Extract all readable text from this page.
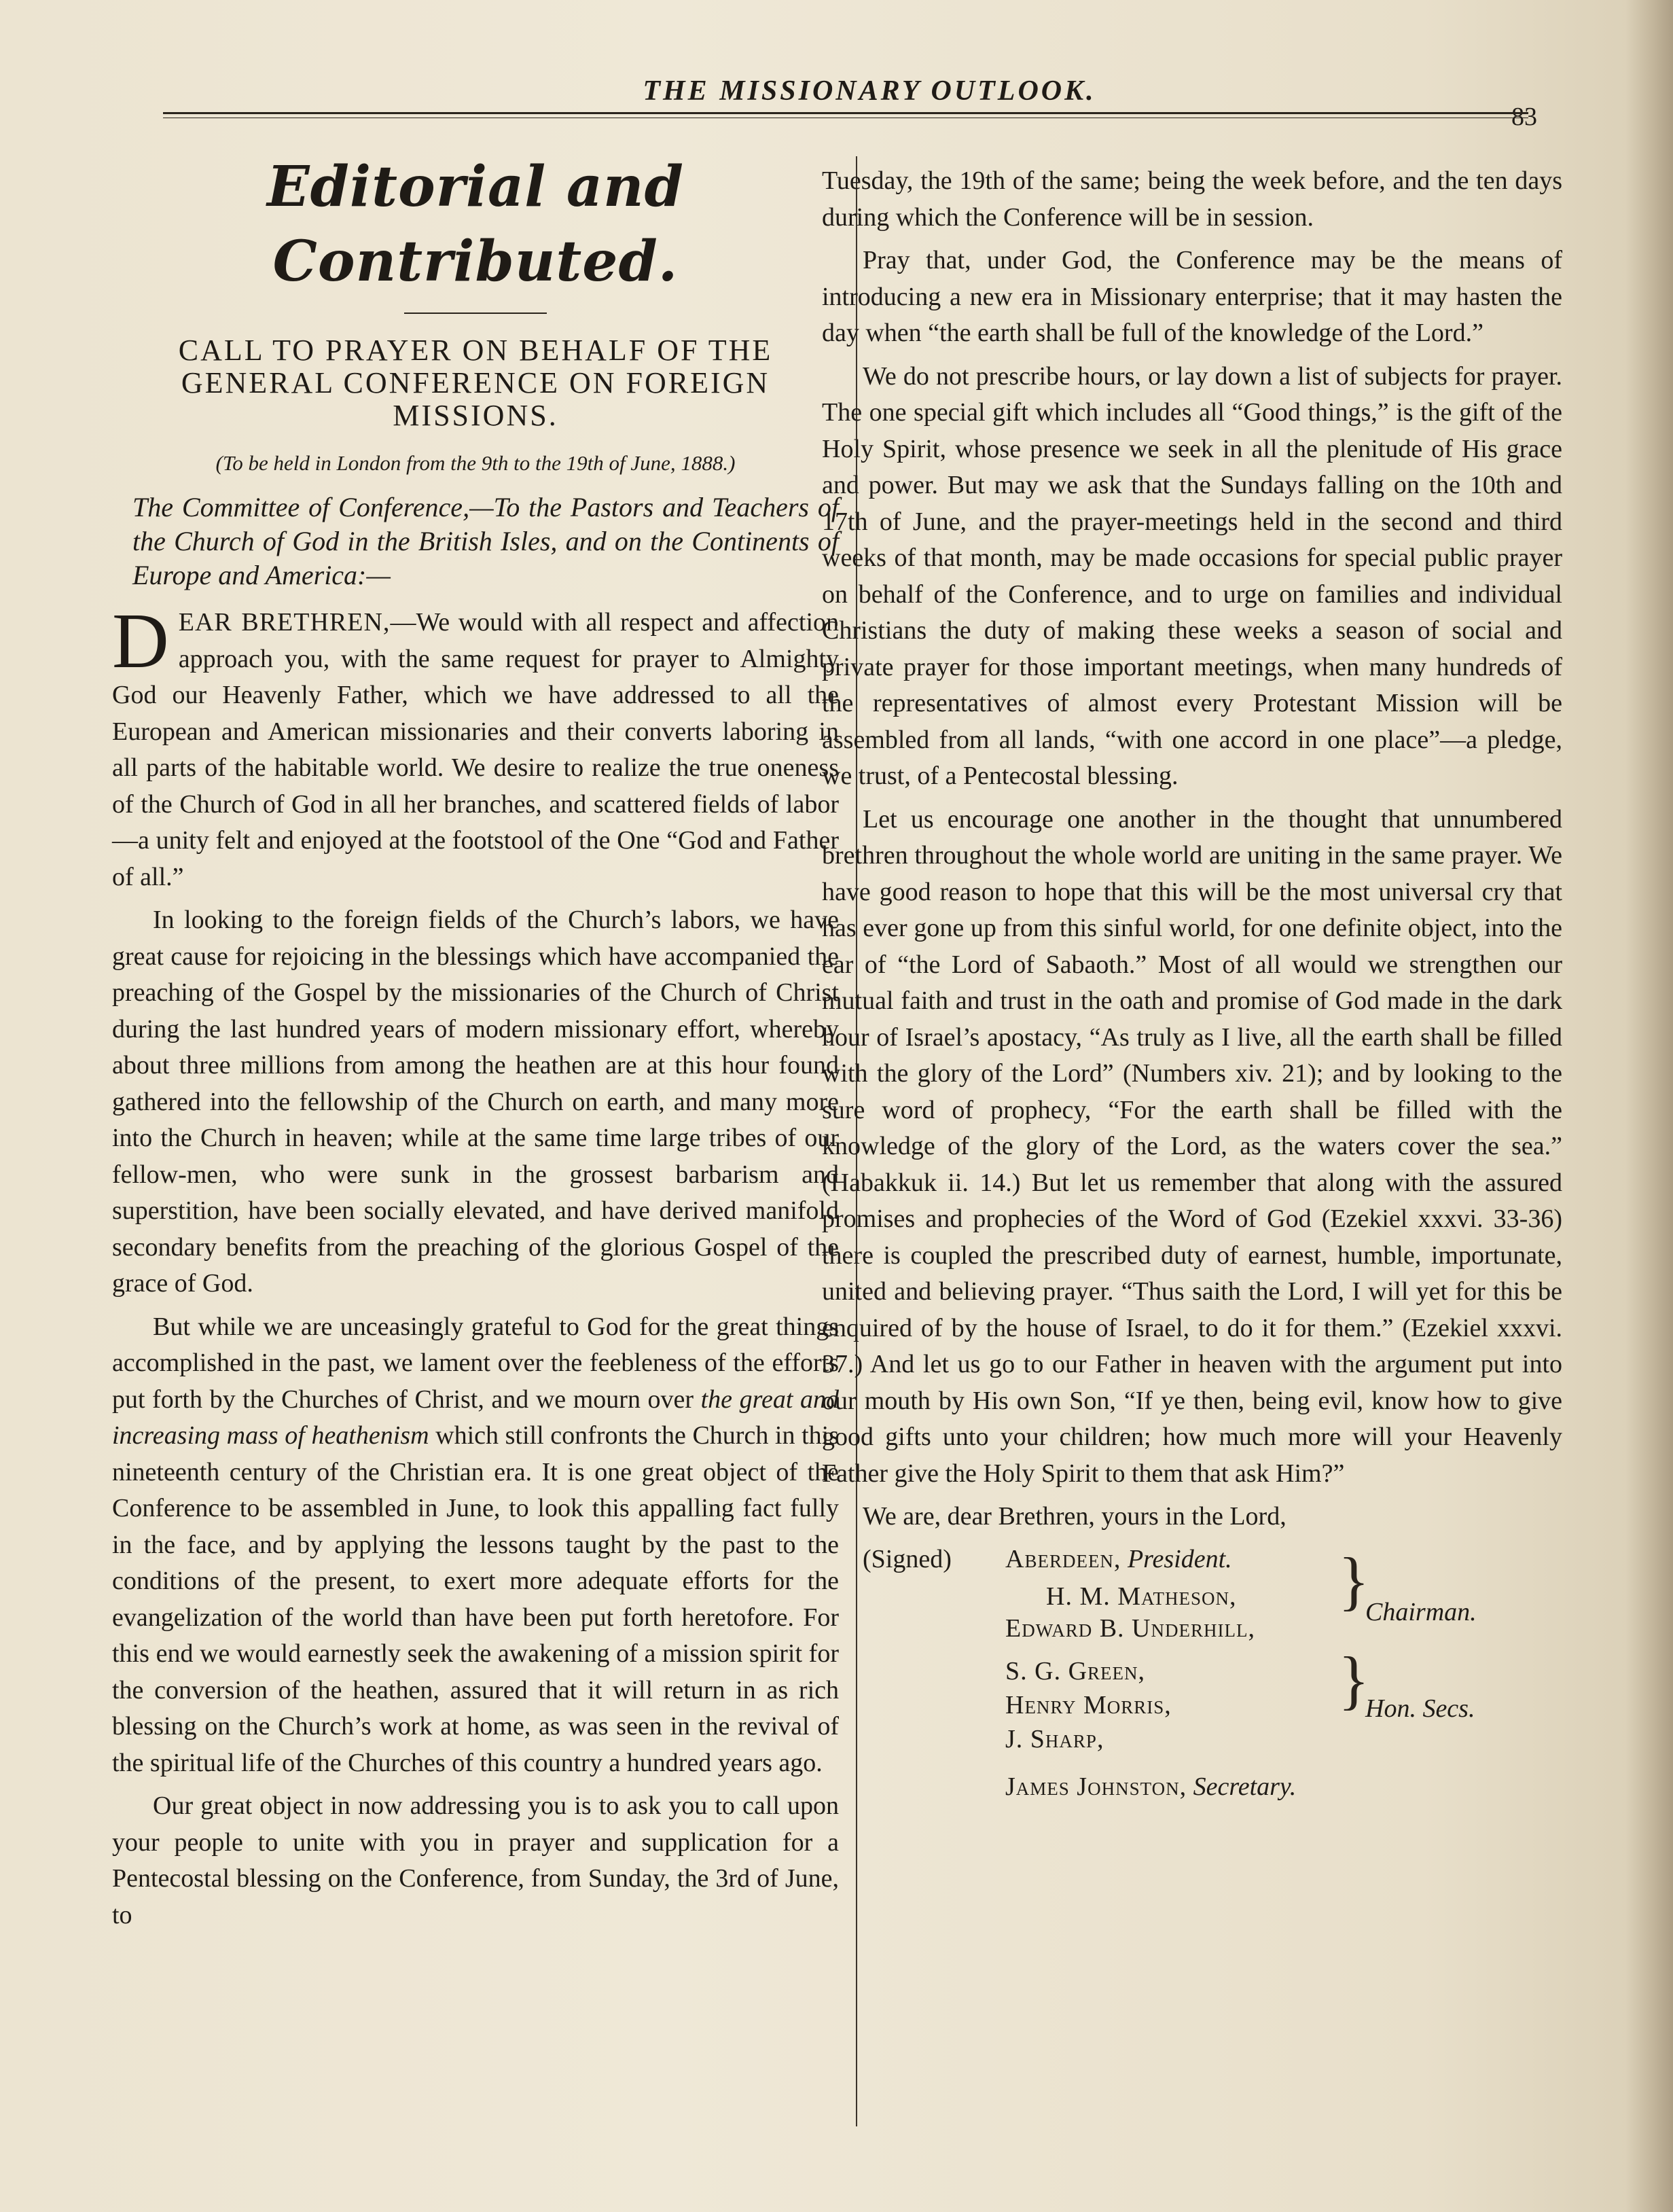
THE MISSIONARY OUTLOOK.
83
Editorial and Contributed.
CALL TO PRAYER ON BEHALF OF THE GENERAL CONFERENCE ON FOREIGN MISSIONS.
(To be held in London from the 9th to the 19th of June, 1888.)
The Committee of Conference,—To the Pastors and Teachers of the Church of God in the British Isles, and on the Continents of Europe and America:—

DEAR BRETHREN,—We would with all respect and affection approach you, with the same request for prayer to Almighty God our Heavenly Father, which we have addressed to all the European and American missionaries and their converts laboring in all parts of the habitable world. We desire to realize the true oneness of the Church of God in all her branches, and scattered fields of labor—a unity felt and enjoyed at the footstool of the One “God and Father of all.”

In looking to the foreign fields of the Church’s labors, we have great cause for rejoicing in the blessings which have accompanied the preaching of the Gospel by the missionaries of the Church of Christ during the last hundred years of modern missionary effort, whereby about three millions from among the heathen are at this hour found gathered into the fellowship of the Church on earth, and many more into the Church in heaven; while at the same time large tribes of our fellow-men, who were sunk in the grossest barbarism and superstition, have been socially elevated, and have derived manifold secondary benefits from the preaching of the glorious Gospel of the grace of God.

But while we are unceasingly grateful to God for the great things accomplished in the past, we lament over the feebleness of the efforts put forth by the Churches of Christ, and we mourn over the great and increasing mass of heathenism which still confronts the Church in this nineteenth century of the Christian era. It is one great object of the Conference to be assembled in June, to look this appalling fact fully in the face, and by applying the lessons taught by the past to the conditions of the present, to exert more adequate efforts for the evangelization of the world than have been put forth heretofore. For this end we would earnestly seek the awakening of a mission spirit for the conversion of the heathen, assured that it will return in as rich blessing on the Church’s work at home, as was seen in the revival of the spiritual life of the Churches of this country a hundred years ago.

Our great object in now addressing you is to ask you to call upon your people to unite with you in prayer and supplication for a Pentecostal blessing on the Conference, from Sunday, the 3rd of June, to

Tuesday, the 19th of the same; being the week before, and the ten days during which the Conference will be in session.

Pray that, under God, the Conference may be the means of introducing a new era in Missionary enterprise; that it may hasten the day when “the earth shall be full of the knowledge of the Lord.”

We do not prescribe hours, or lay down a list of subjects for prayer. The one special gift which includes all “Good things,” is the gift of the Holy Spirit, whose presence we seek in all the plenitude of His grace and power. But may we ask that the Sundays falling on the 10th and 17th of June, and the prayer-meetings held in the second and third weeks of that month, may be made occasions for special public prayer on behalf of the Conference, and to urge on families and individual Christians the duty of making these weeks a season of social and private prayer for those important meetings, when many hundreds of the representatives of almost every Protestant Mission will be assembled from all lands, “with one accord in one place”—a pledge, we trust, of a Pentecostal blessing.

Let us encourage one another in the thought that unnumbered brethren throughout the whole world are uniting in the same prayer. We have good reason to hope that this will be the most universal cry that has ever gone up from this sinful world, for one definite object, into the ear of “the Lord of Sabaoth.” Most of all would we strengthen our mutual faith and trust in the oath and promise of God made in the dark hour of Israel’s apostacy, “As truly as I live, all the earth shall be filled with the glory of the Lord” (Numbers xiv. 21); and by looking to the sure word of prophecy, “For the earth shall be filled with the knowledge of the glory of the Lord, as the waters cover the sea.” (Habakkuk ii. 14.) But let us remember that along with the assured promises and prophecies of the Word of God (Ezekiel xxxvi. 33-36) there is coupled the prescribed duty of earnest, humble, importunate, united and believing prayer. “Thus saith the Lord, I will yet for this be enquired of by the house of Israel, to do it for them.” (Ezekiel xxxvi. 37.) And let us go to our Father in heaven with the argument put into our mouth by His own Son, “If ye then, being evil, know how to give good gifts unto your children; how much more will your Heavenly Father give the Holy Spirit to them that ask Him?”

We are, dear Brethren, yours in the Lord,

(Signed) Aberdeen, President.
H. M. Matheson,
Edward B. Underhill,
}
Chairman.
S. G. Green,
Henry Morris,
J. Sharp,
}
Hon. Secs.
James Johnston, Secretary.
